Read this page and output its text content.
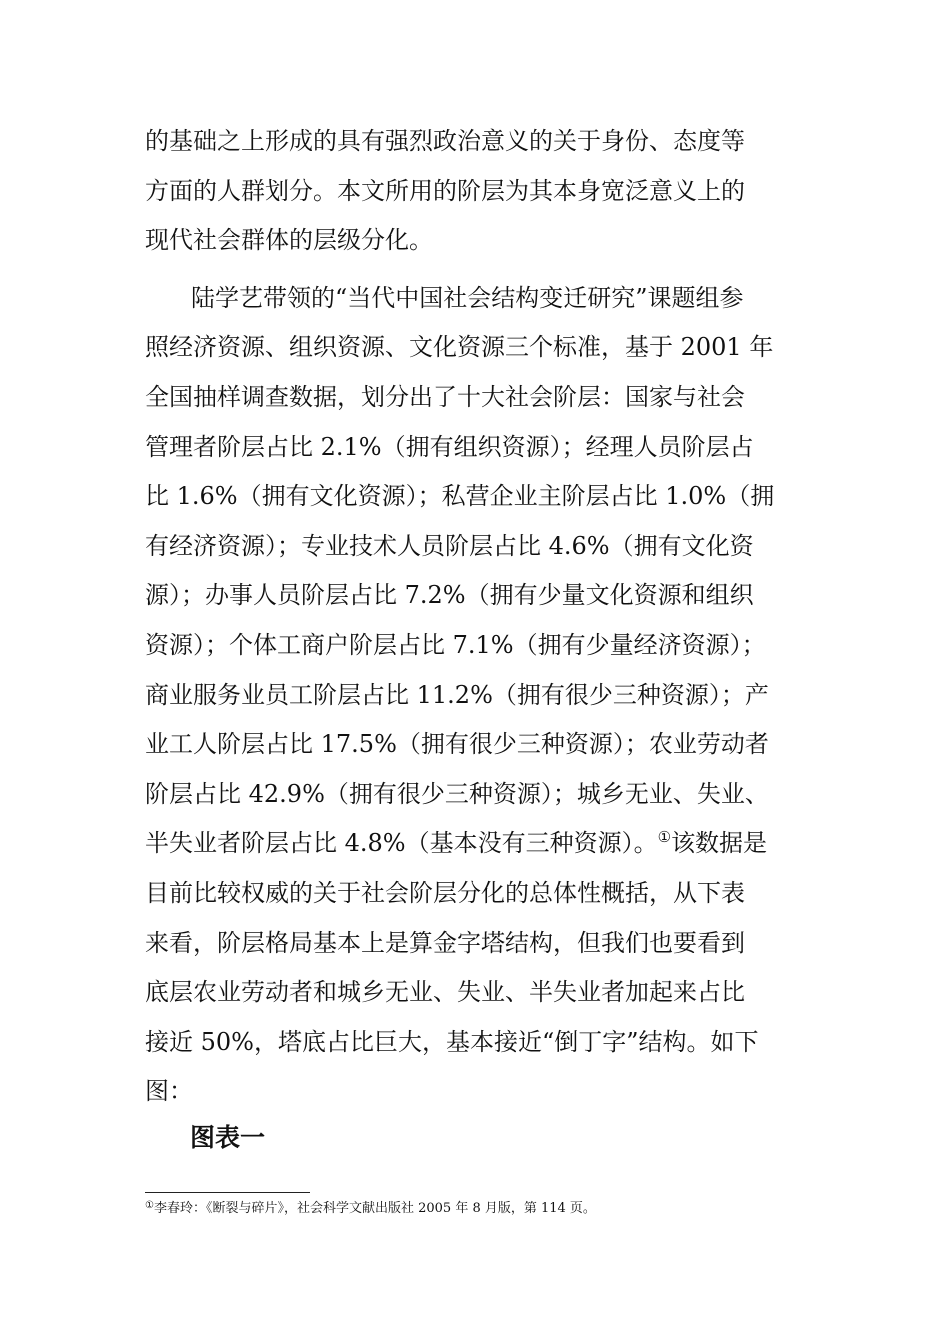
的基础之上形成的具有强烈政治意义的关于身份、态度等
方面的人群划分。本文所用的阶层为其本身宽泛意义上的
现代社会群体的层级分化。
陆学艺带领的“当代中国社会结构变迁研究”课题组参
照经济资源、组织资源、文化资源三个标准，基于 2001 年
全国抽样调查数据，划分出了十大社会阶层：国家与社会
管理者阶层占比 2.1%（拥有组织资源）；经理人员阶层占
比 1.6%（拥有文化资源）；私营企业主阶层占比 1.0%（拥
有经济资源）；专业技术人员阶层占比 4.6%（拥有文化资
源）；办事人员阶层占比 7.2%（拥有少量文化资源和组织
资源）；个体工商户阶层占比 7.1%（拥有少量经济资源）；
商业服务业员工阶层占比 11.2%（拥有很少三种资源）；产
业工人阶层占比 17.5%（拥有很少三种资源）；农业劳动者
阶层占比 42.9%（拥有很少三种资源）；城乡无业、失业、
半失业者阶层占比 4.8%（基本没有三种资源）。①该数据是
目前比较权威的关于社会阶层分化的总体性概括，从下表
来看，阶层格局基本上是算金字塔结构，但我们也要看到
底层农业劳动者和城乡无业、失业、半失业者加起来占比
接近 50%，塔底占比巨大，基本接近“倒丁字”结构。如下
图：
图表一
①李春玲：《断裂与碎片》，社会科学文献出版社 2005 年 8 月版，第 114 页。
